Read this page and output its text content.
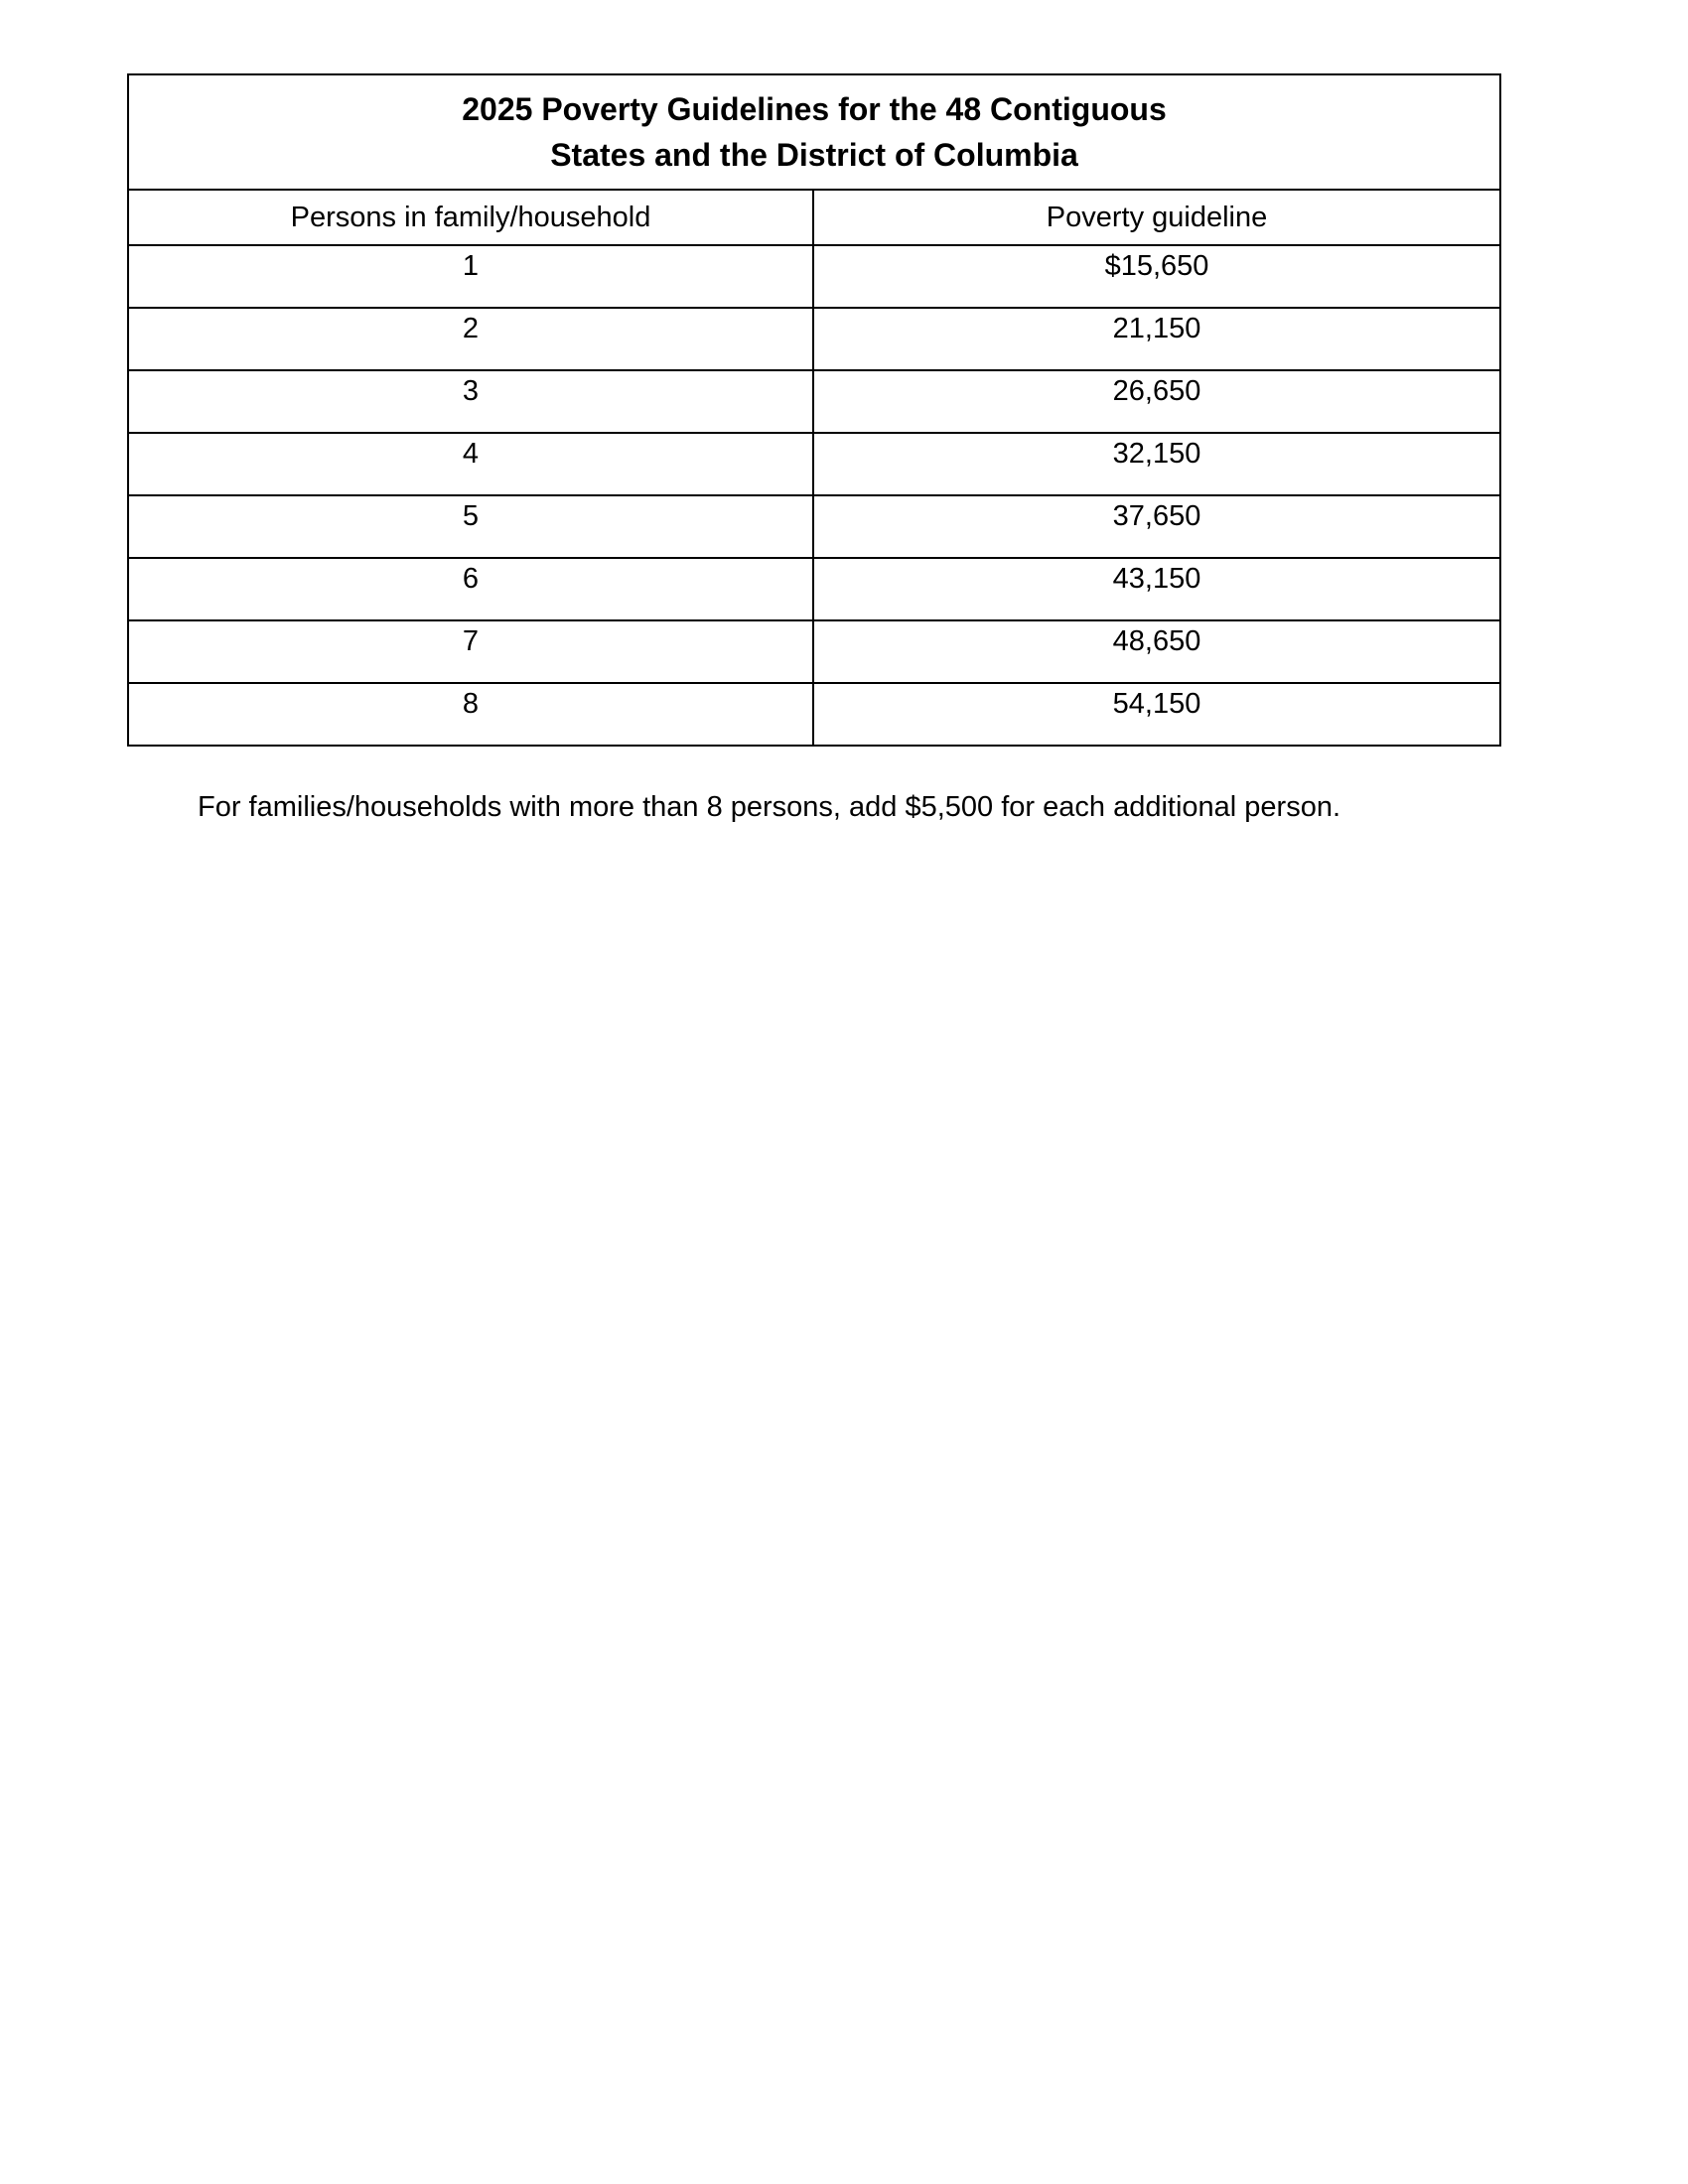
2025 Poverty Guidelines for the 48 Contiguous
States and the District of Columbia	

Persons in family/household	Poverty guideline
1	$15,650
2	21,150
3	26,650
4	32,150
5	37,650
6	43,150
7	48,650
8	54,150

For families/households with more than 8 persons, add $5,500 for each additional person.
